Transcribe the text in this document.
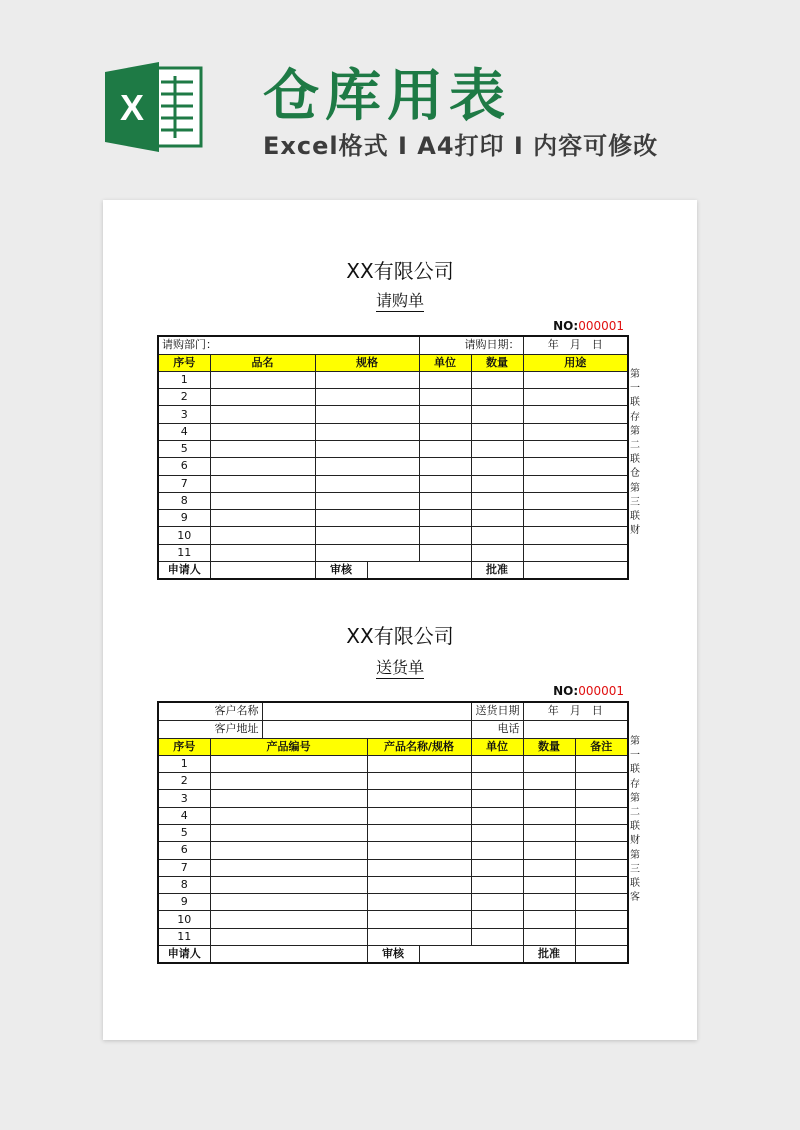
X 仓库用表
Excel格式 I A4打印 I 内容可修改
XX有限公司
请购单
NO:000001
请购部门：				请购日期：		年　月　日
序号	品名	规格		单位	数量	用途
1						
2						
3						
4						
5						
6						
7						
8						
9						
10						
11						
申请人		审核			批准	
第一联存第二联仓第三联财
XX有限公司
送货单
NO:000001
客户名称					送货日期	年　月　日	
客户地址					电话		
序号	产品编号		产品名称/规格		单位	数量	备注
1							
2							
3							
4							
5							
6							
7							
8							
9							
10							
11							
申请人			审核			批准	
第一联存第二联财第三联客
